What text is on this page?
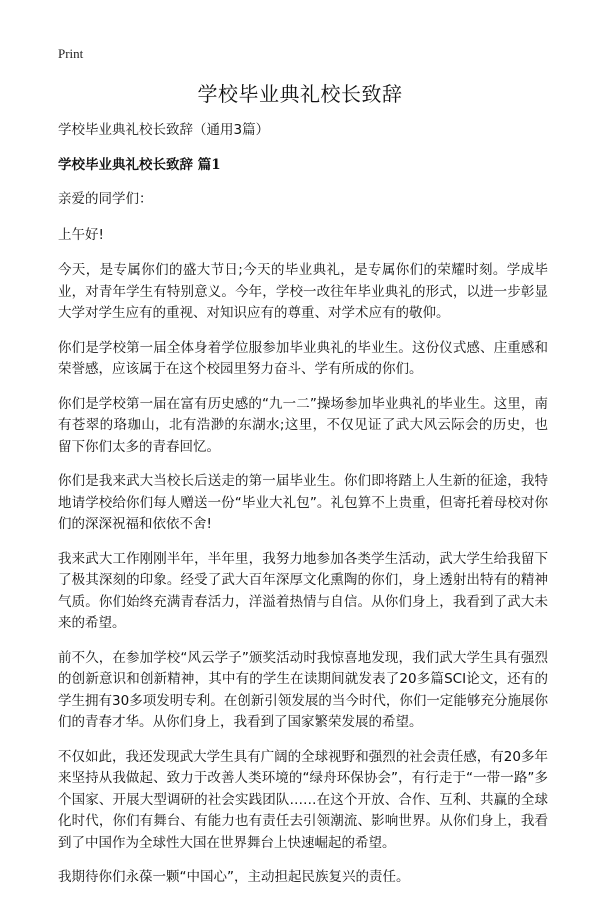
Print
学校毕业典礼校长致辞

学校毕业典礼校长致辞（通用3篇）

学校毕业典礼校长致辞 篇1

亲爱的同学们：

上午好!

今天，是专属你们的盛大节日;今天的毕业典礼，是专属你们的荣耀时刻。学成毕业，对青年学生有特别意义。今年，学校一改往年毕业典礼的形式，以进一步彰显大学对学生应有的重视、对知识应有的尊重、对学术应有的敬仰。

你们是学校第一届全体身着学位服参加毕业典礼的毕业生。这份仪式感、庄重感和荣誉感，应该属于在这个校园里努力奋斗、学有所成的你们。

你们是学校第一届在富有历史感的“九一二”操场参加毕业典礼的毕业生。这里，南有苍翠的珞珈山，北有浩渺的东湖水;这里，不仅见证了武大风云际会的历史，也留下你们太多的青春回忆。

你们是我来武大当校长后送走的第一届毕业生。你们即将踏上人生新的征途，我特地请学校给你们每人赠送一份“毕业大礼包”。礼包算不上贵重，但寄托着母校对你们的深深祝福和依依不舍!

我来武大工作刚刚半年，半年里，我努力地参加各类学生活动，武大学生给我留下了极其深刻的印象。经受了武大百年深厚文化熏陶的你们，身上透射出特有的精神气质。你们始终充满青春活力，洋溢着热情与自信。从你们身上，我看到了武大未来的希望。

前不久，在参加学校“风云学子”颁奖活动时我惊喜地发现，我们武大学生具有强烈的创新意识和创新精神，其中有的学生在读期间就发表了20多篇SCI论文，还有的学生拥有30多项发明专利。在创新引领发展的当今时代，你们一定能够充分施展你们的青春才华。从你们身上，我看到了国家繁荣发展的希望。

不仅如此，我还发现武大学生具有广阔的全球视野和强烈的社会责任感，有20多年来坚持从我做起、致力于改善人类环境的“绿舟环保协会”，有行走于“一带一路”多个国家、开展大型调研的社会实践团队……在这个开放、合作、互利、共赢的全球化时代，你们有舞台、有能力也有责任去引领潮流、影响世界。从你们身上，我看到了中国作为全球性大国在世界舞台上快速崛起的希望。

我期待你们永葆一颗“中国心”，主动担起民族复兴的责任。
